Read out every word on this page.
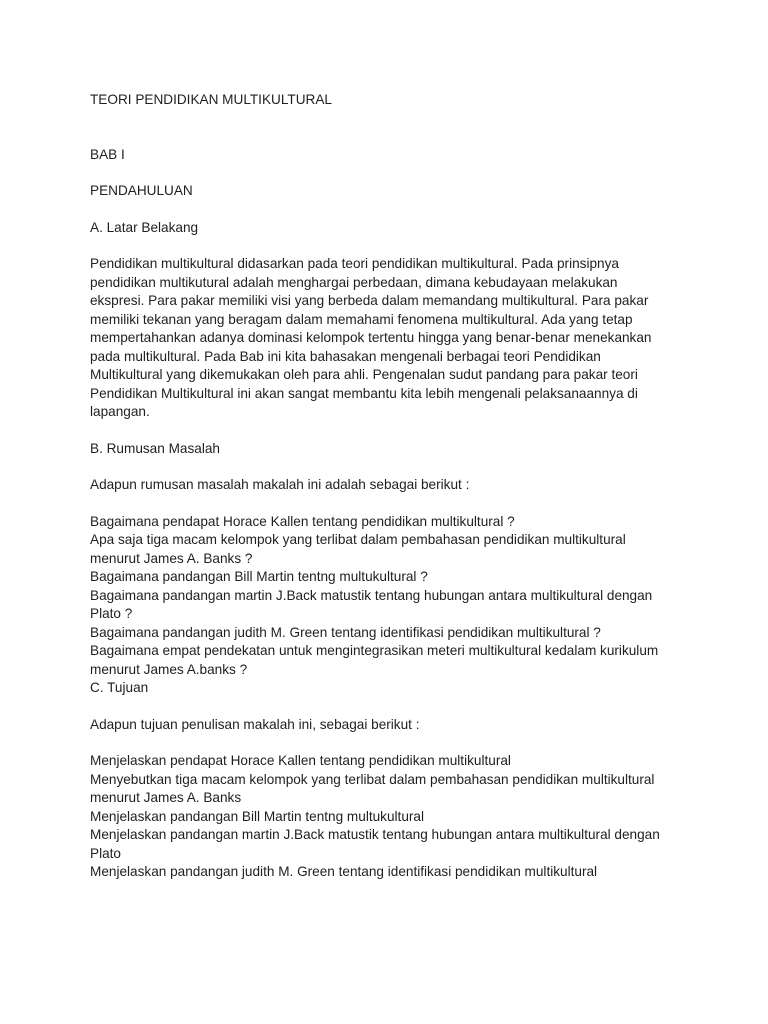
TEORI PENDIDIKAN MULTIKULTURAL
BAB I
PENDAHULUAN
A. Latar Belakang
Pendidikan multikultural didasarkan pada teori pendidikan multikultural. Pada prinsipnya
pendidikan multikutural adalah menghargai perbedaan, dimana kebudayaan melakukan
ekspresi. Para pakar memiliki visi yang berbeda dalam memandang multikultural. Para pakar
memiliki tekanan yang beragam dalam memahami fenomena multikultural. Ada yang tetap
mempertahankan adanya dominasi kelompok tertentu hingga yang benar-benar menekankan
pada multikultural. Pada Bab ini kita bahasakan mengenali berbagai teori Pendidikan
Multikultural yang dikemukakan oleh para ahli. Pengenalan sudut pandang para pakar teori
Pendidikan Multikultural ini akan sangat membantu kita lebih mengenali pelaksanaannya di
lapangan.
B. Rumusan Masalah
Adapun rumusan masalah makalah ini adalah sebagai berikut :
Bagaimana pendapat Horace Kallen tentang pendidikan multikultural ?
Apa saja tiga macam kelompok yang terlibat dalam pembahasan pendidikan multikultural
menurut James A. Banks ?
Bagaimana pandangan Bill Martin tentng multukultural ?
Bagaimana pandangan martin J.Back matustik tentang hubungan antara multikultural dengan
Plato ?
Bagaimana pandangan judith M. Green tentang identifikasi pendidikan multikultural ?
Bagaimana empat pendekatan untuk mengintegrasikan meteri multikultural kedalam kurikulum
menurut James A.banks ?
C. Tujuan
Adapun tujuan penulisan makalah ini, sebagai berikut :
Menjelaskan pendapat Horace Kallen tentang pendidikan multikultural
Menyebutkan tiga macam kelompok yang terlibat dalam pembahasan pendidikan multikultural
menurut James A. Banks
Menjelaskan pandangan Bill Martin tentng multukultural
Menjelaskan pandangan martin J.Back matustik tentang hubungan antara multikultural dengan
Plato
Menjelaskan pandangan judith M. Green tentang identifikasi pendidikan multikultural
